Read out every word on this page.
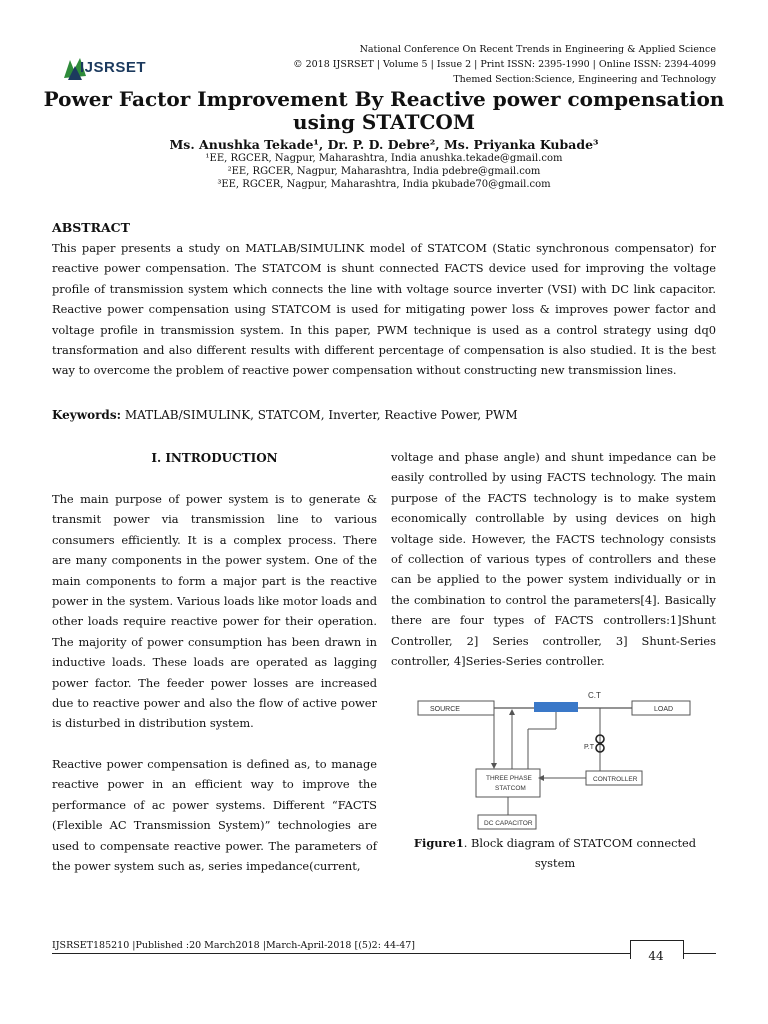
National Conference On Recent Trends in Engineering & Applied Science
© 2018 IJSRSET | Volume 5 | Issue 2 | Print ISSN: 2395-1990 | Online ISSN: 2394-4099
Themed Section:Science, Engineering and Technology
IJSRSET
Power Factor Improvement By Reactive power compensation
using STATCOM
Ms. Anushka Tekade¹, Dr. P. D. Debre², Ms. Priyanka Kubade³
¹EE, RGCER, Nagpur, Maharashtra, India anushka.tekade@gmail.com
²EE, RGCER, Nagpur, Maharashtra, India pdebre@gmail.com
³EE, RGCER, Nagpur, Maharashtra, India pkubade70@gmail.com
ABSTRACT

This paper presents a study on MATLAB/SIMULINK model of STATCOM (Static synchronous compensator) for reactive power compensation. The STATCOM is shunt connected FACTS device used for improving the voltage profile of transmission system which connects the line with voltage source inverter (VSI) with DC link capacitor. Reactive power compensation using STATCOM is used for mitigating power loss & improves power factor and voltage profile in transmission system. In this paper, PWM technique is used as a control strategy using dq0 transformation and also different results with different percentage of compensation is also studied. It is the best way to overcome the problem of reactive power compensation without constructing new transmission lines.

Keywords: MATLAB/SIMULINK, STATCOM, Inverter, Reactive Power, PWM
I. INTRODUCTION

The main purpose of power system is to generate & transmit power via transmission line to various consumers efficiently. It is a complex process. There are many components in the power system. One of the main components to form a major part is the reactive power in the system. Various loads like motor loads and other loads require reactive power for their operation. The majority of power consumption has been drawn in inductive loads. These loads are operated as lagging power factor. The feeder power losses are increased due to reactive power and also the flow of active power is disturbed in distribution system.

Reactive power compensation is defined as, to manage reactive power in an efficient way to improve the performance of ac power systems. Different “FACTS (Flexible AC Transmission System)” technologies are used to compensate reactive power. The parameters of the power system such as, series impedance(current,

voltage and phase angle) and shunt impedance can be easily controlled by using FACTS technology. The main purpose of the FACTS technology is to make system economically controllable by using devices on high voltage side. However, the FACTS technology consists of collection of various types of controllers and these can be applied to the power system individually or in the combination to control the parameters[4]. Basically there are four types of FACTS controllers:1]Shunt Controller, 2] Series controller, 3] Shunt-Series controller, 4]Series-Series controller.

C.T
SOURCE	LOAD
P.T
THREE PHASE
STATCOM
CONTROLLER
DC CAPACITOR
Figure1. Block diagram of STATCOM connected system
IJSRSET185210 |Published :20 March2018 |March-April-2018 [(5)2: 44-47]
44
